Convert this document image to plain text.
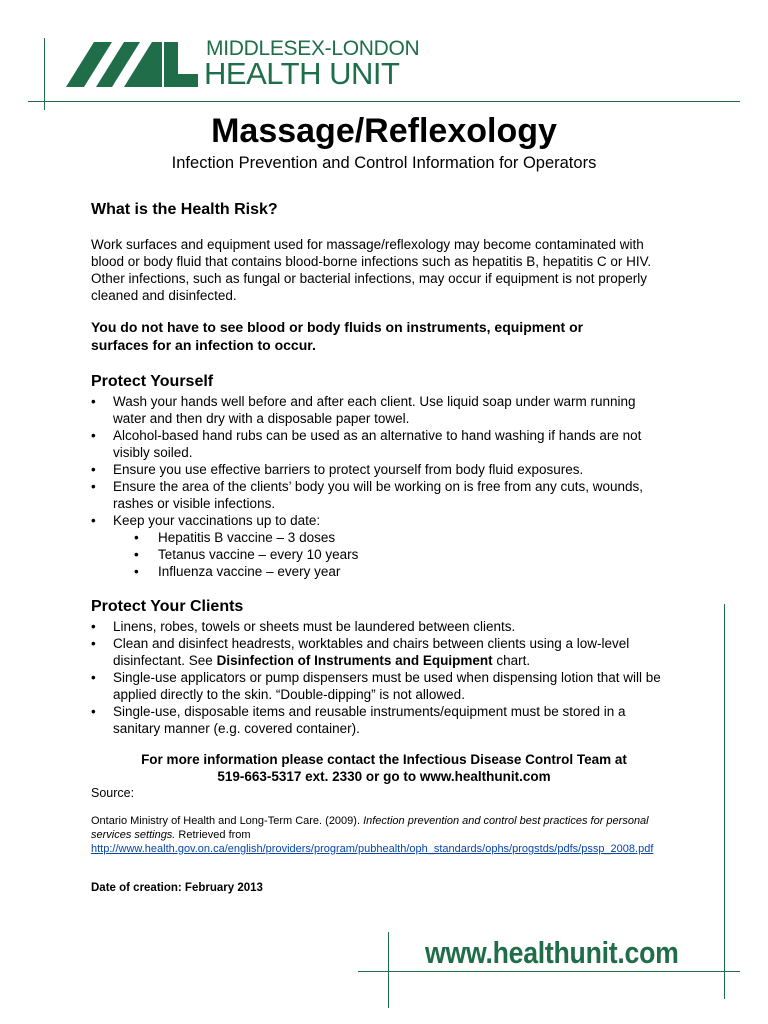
MIDDLESEX-LONDON
HEALTH UNIT
Massage/Reflexology
Infection Prevention and Control Information for Operators
What is the Health Risk?
Work surfaces and equipment used for massage/reflexology may become contaminated with
blood or body fluid that contains blood-borne infections such as hepatitis B, hepatitis C or HIV.
Other infections, such as fungal or bacterial infections, may occur if equipment is not properly
cleaned and disinfected.
You do not have to see blood or body fluids on instruments, equipment or
surfaces for an infection to occur.
Protect Yourself
• Wash your hands well before and after each client. Use liquid soap under warm running
water and then dry with a disposable paper towel.
• Alcohol-based hand rubs can be used as an alternative to hand washing if hands are not
visibly soiled.
• Ensure you use effective barriers to protect yourself from body fluid exposures.
• Ensure the area of the clients’ body you will be working on is free from any cuts, wounds,
rashes or visible infections.
• Keep your vaccinations up to date:
• Hepatitis B vaccine – 3 doses
• Tetanus vaccine – every 10 years
• Influenza vaccine – every year
Protect Your Clients
• Linens, robes, towels or sheets must be laundered between clients.
• Clean and disinfect headrests, worktables and chairs between clients using a low-level
disinfectant. See Disinfection of Instruments and Equipment chart.
• Single-use applicators or pump dispensers must be used when dispensing lotion that will be
applied directly to the skin. “Double-dipping” is not allowed.
• Single-use, disposable items and reusable instruments/equipment must be stored in a
sanitary manner (e.g. covered container).
For more information please contact the Infectious Disease Control Team at
519-663-5317 ext. 2330 or go to www.healthunit.com
Source:
Ontario Ministry of Health and Long-Term Care. (2009). Infection prevention and control best practices for personal
services settings. Retrieved from
http://www.health.gov.on.ca/english/providers/program/pubhealth/oph_standards/ophs/progstds/pdfs/pssp_2008.pdf
Date of creation: February 2013
www.healthunit.com
